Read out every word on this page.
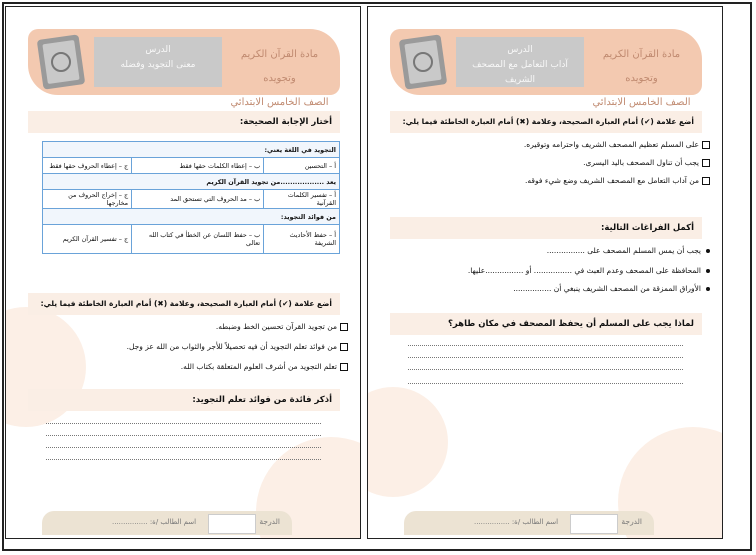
مادة القرآن الكريم وتجويده
الصف الخامس الابتدائي
الدرس
معنى التجويد وفضله
أختار الإجابة الصحيحة:
التجويد في اللغة يعني:		
أ – التحسين	ب – إعطاء الكلمات حقها فقط	ج – إعطاء الحروف حقها فقط
يعد ..................من تجويد القرآن الكريم		
أ – تفسير الكلمات القرآنية	ب – مد الحروف التي تستحق المد	ج – إخراج الحروف من مخارجها
من فوائد التجويد:		
أ – حفظ الأحاديث الشريفة	ب – حفظ اللسان عن الخطأ في كتاب الله تعالى	ج – تفسير القرآن الكريم
أضع علامة (✔) أمام العبارة الصحيحة، وعلامة (✖) أمام العبارة الخاطئة فيما يلي:
من تجويد القرآن تحسين الخط وضبطه.
من فوائد تعلم التجويد أن فيه تحصيلاً للأجر والثواب من الله عز وجل.
تعلم التجويد من أشرف العلوم المتعلقة بكتاب الله.
أذكر فائدة من فوائد تعلم التجويد:
الدرجة
اسم الطالب /ة: ................
مادة القرآن الكريم وتجويده
الصف الخامس الابتدائي
الدرس
آداب التعامل مع المصحف الشريف
أضع علامة (✔) أمام العبارة الصحيحة، وعلامة (✖) أمام العبارة الخاطئة فيما يلي:
على المسلم تعظيم المصحف الشريف واحترامه وتوقيره.
يجب أن تناول المصحف باليد اليسرى.
من آداب التعامل مع المصحف الشريف وضع شيء فوقه.
أكمل الفراغات التالية:
يجب أن يمس المسلم المصحف على ................
المحافظة على المصحف وعدم العبث في ................ أو ................عليها.
الأوراق الممزقة من المصحف الشريف ينبغي أن ................
لماذا يجب على المسلم أن يحفظ المصحف في مكان طاهر؟
الدرجة
اسم الطالب /ة: ................
